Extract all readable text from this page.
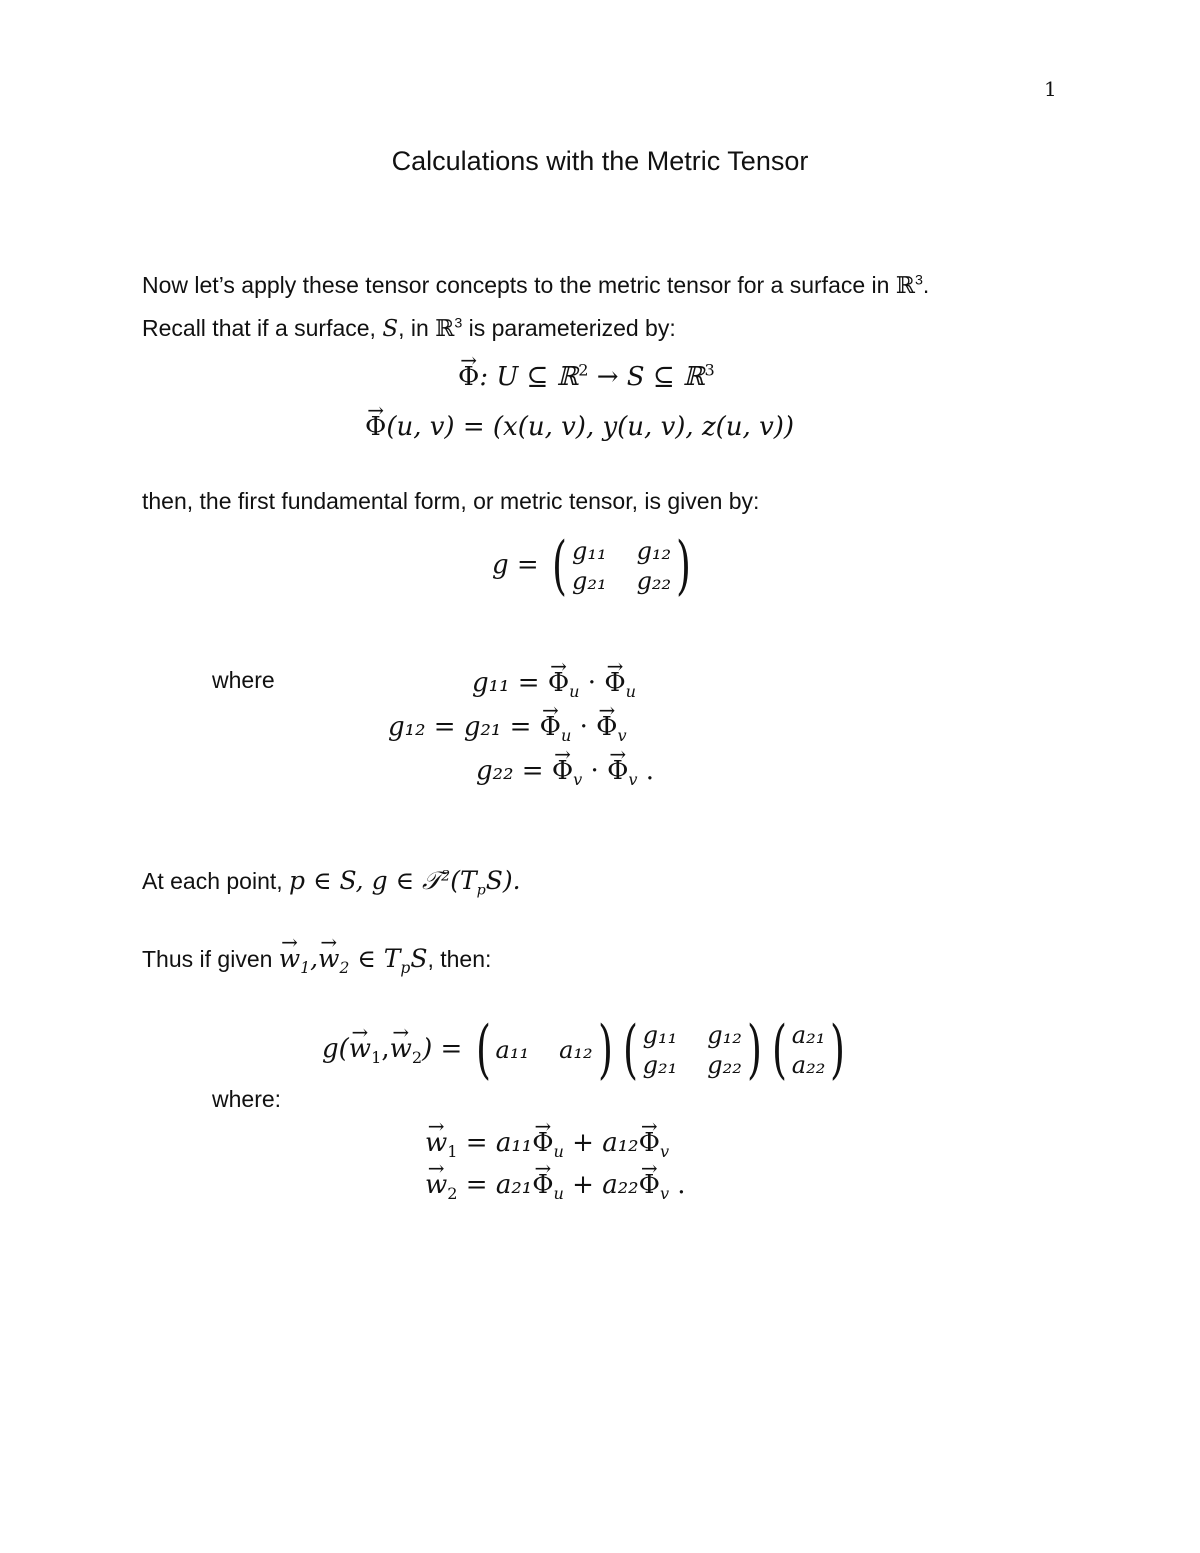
1
Calculations with the Metric Tensor
Now let’s apply these tensor concepts to the metric tensor for a surface in ℝ$^3$.
Recall that if a surface, S, in ℝ$^3$ is parameterized by:
→ Φ: U ⊆ ℝ$^2$ → S ⊆ ℝ$^3$
→ Φ(u, v) = (x(u, v), y(u, v), z(u, v))
then, the first fundamental form, or metric tensor, is given by:
g = ( g₁₁ g₁₂
g₂₁ g₂₂ )
where	g₁₁ = → $\Phi_u$ · → $\Phi_u$
g₁₂ = g₂₁ = → $\Phi_u$ · → $\Phi_v$
g₂₂ = → $\Phi_v$ · → $\Phi_v$ .
At each point, p ∈ S, g ∈ $𝒯^2(T_pS)$.
Thus if given → $w_1,\to w_2$ ∈ $T_pS$, then:
$g(\to w_1,\to w_2)$ = ( a₁₁ a₁₂ ) ( g₁₁ g₁₂
g₂₁ g₂₂ ) ( a₂₁
a₂₂ )
where:
→ $w_1 = a_{11}\to \Phi_u + a_{12}\to \Phi_v$
→ $w_2 = a_{21}\to \Phi_u + a_{22}\to \Phi_v$ .
